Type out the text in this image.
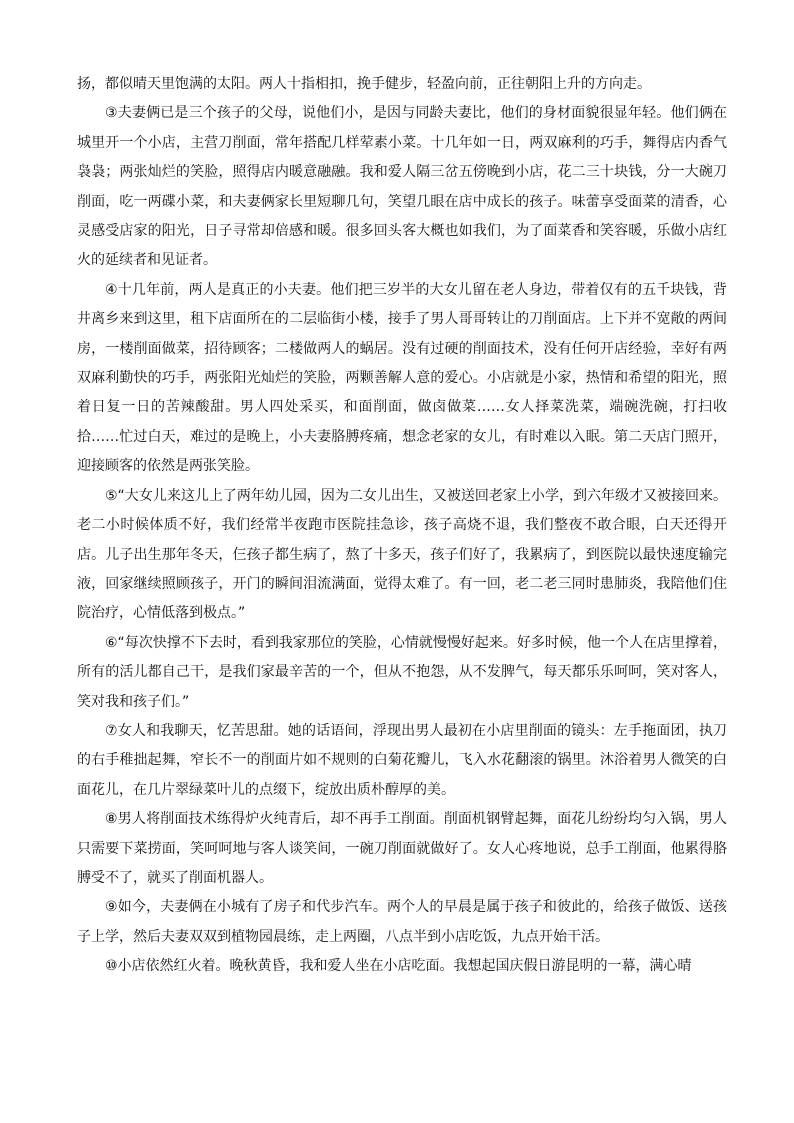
扬，都似晴天里饱满的太阳。两人十指相扣，挽手健步，轻盈向前，正往朝阳上升的方向走。

③夫妻俩已是三个孩子的父母，说他们小，是因与同龄夫妻比，他们的身材面貌很显年轻。他们俩在城里开一个小店，主营刀削面，常年搭配几样荤素小菜。十几年如一日，两双麻利的巧手，舞得店内香气袅袅；两张灿烂的笑脸，照得店内暖意融融。我和爱人隔三岔五傍晚到小店，花二三十块钱，分一大碗刀削面，吃一两碟小菜，和夫妻俩家长里短聊几句，笑望几眼在店中成长的孩子。味蕾享受面菜的清香，心灵感受店家的阳光，日子寻常却倍感和暖。很多回头客大概也如我们，为了面菜香和笑容暖，乐做小店红火的延续者和见证者。

④十几年前，两人是真正的小夫妻。他们把三岁半的大女儿留在老人身边，带着仅有的五千块钱，背井离乡来到这里，租下店面所在的二层临街小楼，接手了男人哥哥转让的刀削面店。上下并不宽敞的两间房，一楼削面做菜，招待顾客；二楼做两人的蜗居。没有过硬的削面技术，没有任何开店经验，幸好有两双麻利勤快的巧手，两张阳光灿烂的笑脸，两颗善解人意的爱心。小店就是小家，热情和希望的阳光，照着日复一日的苦辣酸甜。男人四处采买，和面削面，做卤做菜……女人择菜洗菜，端碗洗碗，打扫收拾……忙过白天，难过的是晚上，小夫妻胳膊疼痛，想念老家的女儿，有时难以入眠。第二天店门照开，迎接顾客的依然是两张笑脸。

⑤“大女儿来这儿上了两年幼儿园，因为二女儿出生，又被送回老家上小学，到六年级才又被接回来。老二小时候体质不好，我们经常半夜跑市医院挂急诊，孩子高烧不退，我们整夜不敢合眼，白天还得开店。儿子出生那年冬天，仨孩子都生病了，熬了十多天，孩子们好了，我累病了，到医院以最快速度输完液，回家继续照顾孩子，开门的瞬间泪流满面，觉得太难了。有一回，老二老三同时患肺炎，我陪他们住院治疗，心情低落到极点。”

⑥“每次快撑不下去时，看到我家那位的笑脸，心情就慢慢好起来。好多时候，他一个人在店里撑着，所有的活儿都自己干，是我们家最辛苦的一个，但从不抱怨，从不发脾气，每天都乐乐呵呵，笑对客人，笑对我和孩子们。”

⑦女人和我聊天，忆苦思甜。她的话语间，浮现出男人最初在小店里削面的镜头：左手拖面团，执刀的右手稚拙起舞，窄长不一的削面片如不规则的白菊花瓣儿，飞入水花翻滚的锅里。沐浴着男人微笑的白面花儿，在几片翠绿菜叶儿的点缀下，绽放出质朴醇厚的美。

⑧男人将削面技术练得炉火纯青后，却不再手工削面。削面机钢臂起舞，面花儿纷纷均匀入锅，男人只需要下菜捞面，笑呵呵地与客人谈笑间，一碗刀削面就做好了。女人心疼地说，总手工削面，他累得胳膊受不了，就买了削面机器人。

⑨如今，夫妻俩在小城有了房子和代步汽车。两个人的早晨是属于孩子和彼此的，给孩子做饭、送孩子上学，然后夫妻双双到植物园晨练，走上两圈，八点半到小店吃饭，九点开始干活。

⑩小店依然红火着。晚秋黄昏，我和爱人坐在小店吃面。我想起国庆假日游昆明的一幕，满心晴
